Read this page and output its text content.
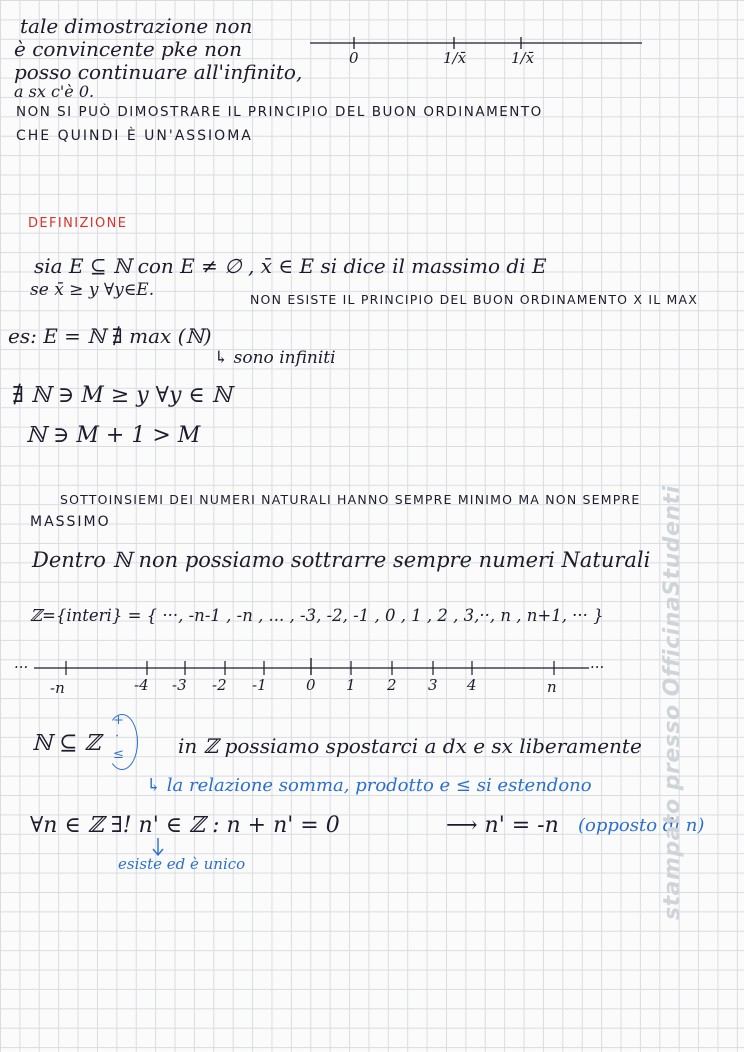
tale dimostrazione non
è convincente pke non
posso continuare all'infinito,
a sx c'è 0.
NON SI PUÒ DIMOSTRARE IL PRINCIPIO DEL BUON ORDINAMENTO
CHE QUINDI È UN'ASSIOMA
0	1/x̄	1/x̄
DEFINIZIONE
sia E ⊆ ℕ con E ≠ ∅ , x̄ ∈ E si dice il massimo di E
se x̄ ≥ y ∀y∈E.	NON ESISTE IL PRINCIPIO DEL BUON ORDINAMENTO X IL MAX
es: E = ℕ ∄ max (ℕ)
↳ sono infiniti
∄ ℕ ∋ M ≥ y ∀y ∈ ℕ
ℕ ∋ M + 1 > M
SOTTOINSIEMI DEI NUMERI NATURALI HANNO SEMPRE MINIMO MA NON SEMPRE
MASSIMO
Dentro ℕ non possiamo sottrarre sempre numeri Naturali
ℤ={interi} = { ···, -n-1 , -n , ... , -3, -2, -1 , 0 , 1 , 2 , 3,··, n , n+1, ··· }
···	···
-n	-4 -3 -2 -1	0 1 2 3 4	n
ℕ ⊆ ℤ
+
·
≤	in ℤ possiamo spostarci a dx e sx liberamente
↳ la relazione somma, prodotto e ≤ si estendono
∀n ∈ ℤ ∃! n' ∈ ℤ : n + n' = 0	⟶ n' = -n (opposto di n)
esiste ed è unico	stampato presso OfficinaStudenti
